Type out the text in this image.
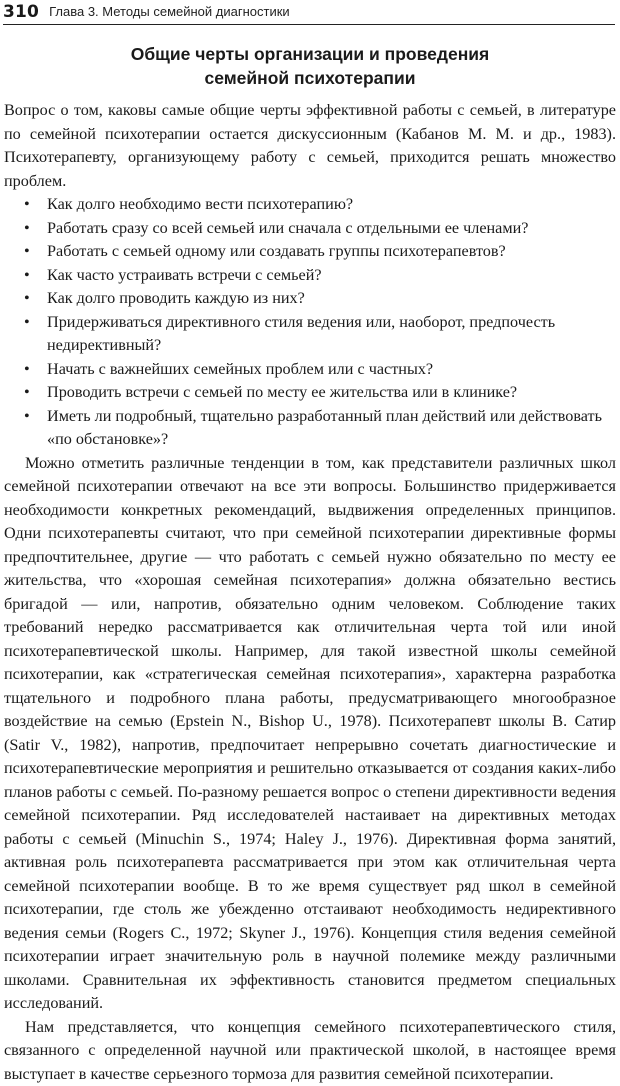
310 Глава 3. Методы семейной диагностики
Общие черты организации и проведения
семейной психотерапии

Вопрос о том, каковы самые общие черты эффективной работы с семьей, в литературе по семейной психотерапии остается дискуссионным (Кабанов М. М. и др., 1983). Психотерапевту, организующему работу с семьей, приходится решать множество проблем.

• Как долго необходимо вести психотерапию?
• Работать сразу со всей семьей или сначала с отдельными ее членами?
• Работать с семьей одному или создавать группы психотерапевтов?
• Как часто устраивать встречи с семьей?
• Как долго проводить каждую из них?
• Придерживаться директивного стиля ведения или, наоборот, предпочесть недирективный?
• Начать с важнейших семейных проблем или с частных?
• Проводить встречи с семьей по месту ее жительства или в клинике?
• Иметь ли подробный, тщательно разработанный план действий или действовать «по обстановке»?

Можно отметить различные тенденции в том, как представители различных школ семейной психотерапии отвечают на все эти вопросы. Большинство придерживается необходимости конкретных рекомендаций, выдвижения определенных принципов. Одни психотерапевты считают, что при семейной психотерапии директивные формы предпочтительнее, другие — что работать с семьей нужно обязательно по месту ее жительства, что «хорошая семейная психотерапия» должна обязательно вестись бригадой — или, напротив, обязательно одним человеком. Соблюдение таких требований нередко рассматривается как отличительная черта той или иной психотерапевтической школы. Например, для такой известной школы семейной психотерапии, как «стратегическая семейная психотерапия», характерна разработка тщательного и подробного плана работы, предусматривающего многообразное воздействие на семью (Epstein N., Bishop U., 1978). Психотерапевт школы В. Сатир (Satir V., 1982), напротив, предпочитает непрерывно сочетать диагностические и психотерапевтические мероприятия и решительно отказывается от создания каких-либо планов работы с семьей. По-разному решается вопрос о степени директивности ведения семейной психотерапии. Ряд исследователей настаивает на директивных методах работы с семьей (Minuchin S., 1974; Haley J., 1976). Директивная форма занятий, активная роль психотерапевта рассматривается при этом как отличительная черта семейной психотерапии вообще. В то же время существует ряд школ в семейной психотерапии, где столь же убежденно отстаивают необходимость недирективного ведения семьи (Rogers C., 1972; Skyner J., 1976). Концепция стиля ведения семейной психотерапии играет значительную роль в научной полемике между различными школами. Сравнительная их эффективность становится предметом специальных исследований.

Нам представляется, что концепция семейного психотерапевтического стиля, связанного с определенной научной или практической школой, в настоящее время выступает в качестве серьезного тормоза для развития семейной психотерапии.
